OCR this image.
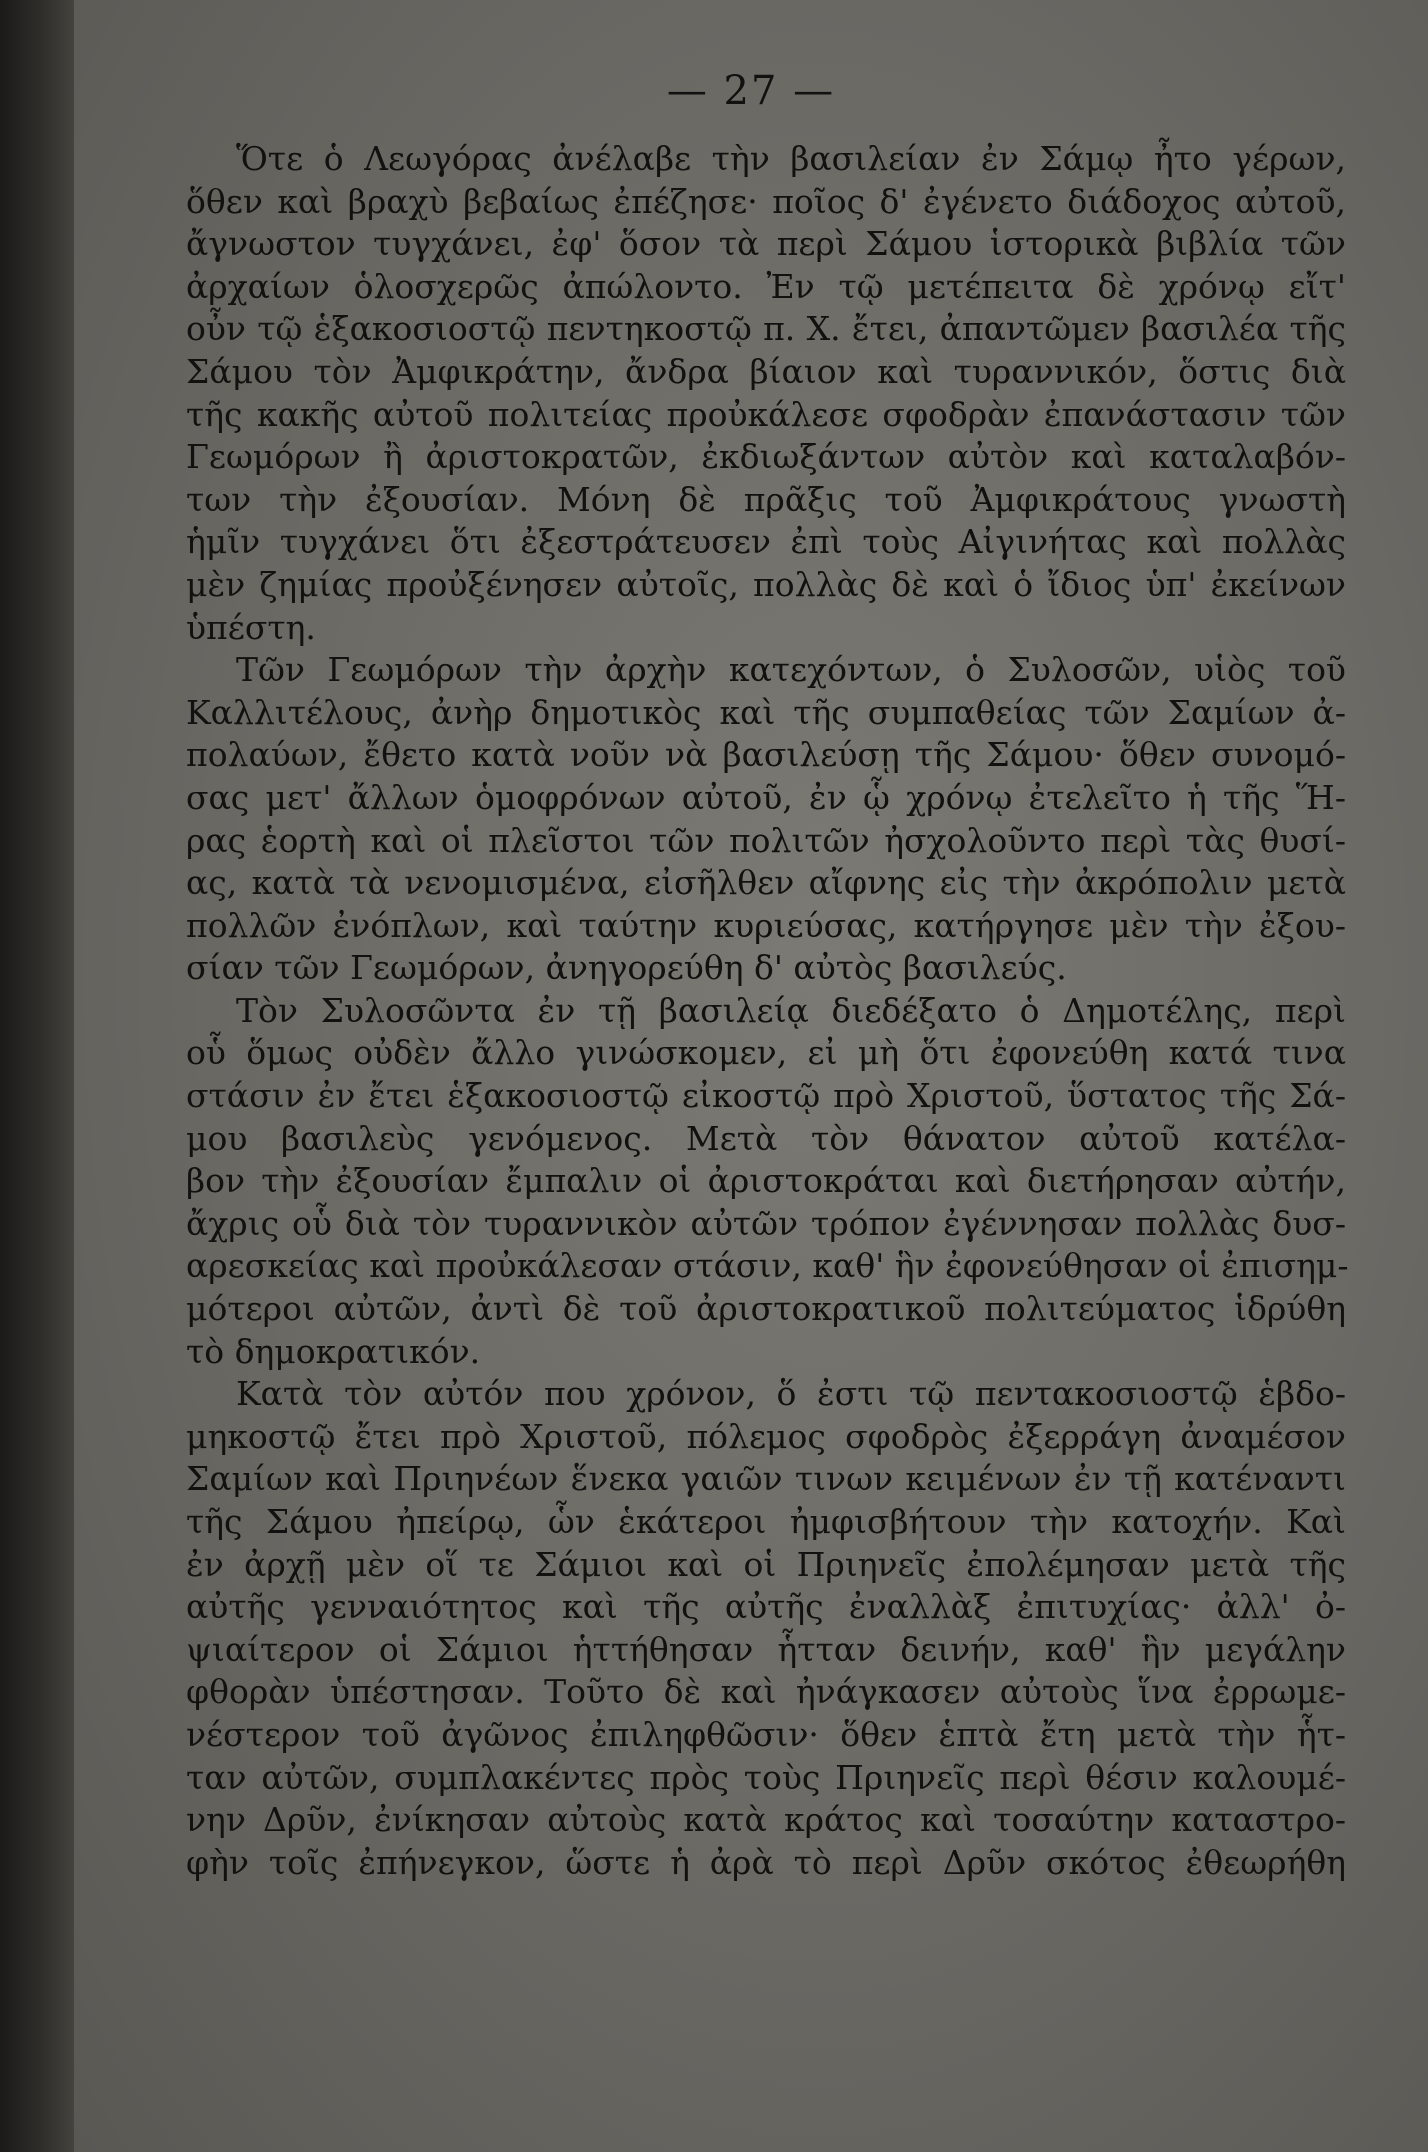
— 27 —
Ὅτε ὁ Λεωγόρας ἀνέλαβε τὴν βασιλείαν ἐν Σάμῳ ἦτο γέρων,
ὅθεν καὶ βραχὺ βεβαίως ἐπέζησε· ποῖος δ' ἐγένετο διάδοχος αὐτοῦ,
ἄγνωστον τυγχάνει, ἐφ' ὅσον τὰ περὶ Σάμου ἱστορικὰ βιβλία τῶν
ἀρχαίων ὁλοσχερῶς ἀπώλοντο. Ἐν τῷ μετέπειτα δὲ χρόνῳ εἴτ'
οὖν τῷ ἑξακοσιοστῷ πεντηκοστῷ π. Χ. ἔτει, ἀπαντῶμεν βασιλέα τῆς
Σάμου τὸν Ἀμφικράτην, ἄνδρα βίαιον καὶ τυραννικόν, ὅστις διὰ
τῆς κακῆς αὐτοῦ πολιτείας προὐκάλεσε σφοδρὰν ἐπανάστασιν τῶν
Γεωμόρων ἢ ἀριστοκρατῶν, ἐκδιωξάντων αὐτὸν καὶ καταλαβόν-
των τὴν ἐξουσίαν. Μόνη δὲ πρᾶξις τοῦ Ἀμφικράτους γνωστὴ
ἡμῖν τυγχάνει ὅτι ἐξεστράτευσεν ἐπὶ τοὺς Αἰγινήτας καὶ πολλὰς
μὲν ζημίας προὐξένησεν αὐτοῖς, πολλὰς δὲ καὶ ὁ ἴδιος ὑπ' ἐκείνων
ὑπέστη.
Τῶν Γεωμόρων τὴν ἀρχὴν κατεχόντων, ὁ Συλοσῶν, υἱὸς τοῦ
Καλλιτέλους, ἀνὴρ δημοτικὸς καὶ τῆς συμπαθείας τῶν Σαμίων ἀ-
πολαύων, ἔθετο κατὰ νοῦν νὰ βασιλεύσῃ τῆς Σάμου· ὅθεν συνομό-
σας μετ' ἄλλων ὁμοφρόνων αὐτοῦ, ἐν ᾧ χρόνῳ ἐτελεῖτο ἡ τῆς Ἥ-
ρας ἑορτὴ καὶ οἱ πλεῖστοι τῶν πολιτῶν ἠσχολοῦντο περὶ τὰς θυσί-
ας, κατὰ τὰ νενομισμένα, εἰσῆλθεν αἴφνης εἰς τὴν ἀκρόπολιν μετὰ
πολλῶν ἐνόπλων, καὶ ταύτην κυριεύσας, κατήργησε μὲν τὴν ἐξου-
σίαν τῶν Γεωμόρων, ἀνηγορεύθη δ' αὐτὸς βασιλεύς.
Τὸν Συλοσῶντα ἐν τῇ βασιλείᾳ διεδέξατο ὁ Δημοτέλης, περὶ
οὗ ὅμως οὐδὲν ἄλλο γινώσκομεν, εἰ μὴ ὅτι ἐφονεύθη κατά τινα
στάσιν ἐν ἔτει ἑξακοσιοστῷ εἰκοστῷ πρὸ Χριστοῦ, ὕστατος τῆς Σά-
μου βασιλεὺς γενόμενος. Μετὰ τὸν θάνατον αὐτοῦ κατέλα-
βον τὴν ἐξουσίαν ἔμπαλιν οἱ ἀριστοκράται καὶ διετήρησαν αὐτήν,
ἄχρις οὗ διὰ τὸν τυραννικὸν αὐτῶν τρόπον ἐγέννησαν πολλὰς δυσ-
αρεσκείας καὶ προὐκάλεσαν στάσιν, καθ' ἣν ἐφονεύθησαν οἱ ἐπισημ-
μότεροι αὐτῶν, ἀντὶ δὲ τοῦ ἀριστοκρατικοῦ πολιτεύματος ἱδρύθη
τὸ δημοκρατικόν.
Κατὰ τὸν αὐτόν που χρόνον, ὅ ἐστι τῷ πεντακοσιοστῷ ἑβδο-
μηκοστῷ ἔτει πρὸ Χριστοῦ, πόλεμος σφοδρὸς ἐξερράγη ἀναμέσον
Σαμίων καὶ Πριηνέων ἕνεκα γαιῶν τινων κειμένων ἐν τῇ κατέναντι
τῆς Σάμου ἠπείρῳ, ὧν ἑκάτεροι ἠμφισβήτουν τὴν κατοχήν. Καὶ
ἐν ἀρχῇ μὲν οἵ τε Σάμιοι καὶ οἱ Πριηνεῖς ἐπολέμησαν μετὰ τῆς
αὐτῆς γενναιότητος καὶ τῆς αὐτῆς ἐναλλὰξ ἐπιτυχίας· ἀλλ' ὀ-
ψιαίτερον οἱ Σάμιοι ἡττήθησαν ἧτταν δεινήν, καθ' ἣν μεγάλην
φθορὰν ὑπέστησαν. Τοῦτο δὲ καὶ ἠνάγκασεν αὐτοὺς ἵνα ἐρρωμε-
νέστερον τοῦ ἀγῶνος ἐπιληφθῶσιν· ὅθεν ἑπτὰ ἔτη μετὰ τὴν ἧτ-
ταν αὐτῶν, συμπλακέντες πρὸς τοὺς Πριηνεῖς περὶ θέσιν καλουμέ-
νην Δρῦν, ἐνίκησαν αὐτοὺς κατὰ κράτος καὶ τοσαύτην καταστρο-
φὴν τοῖς ἐπήνεγκον, ὥστε ἡ ἀρὰ τὸ περὶ Δρῦν σκότος ἐθεωρήθη
